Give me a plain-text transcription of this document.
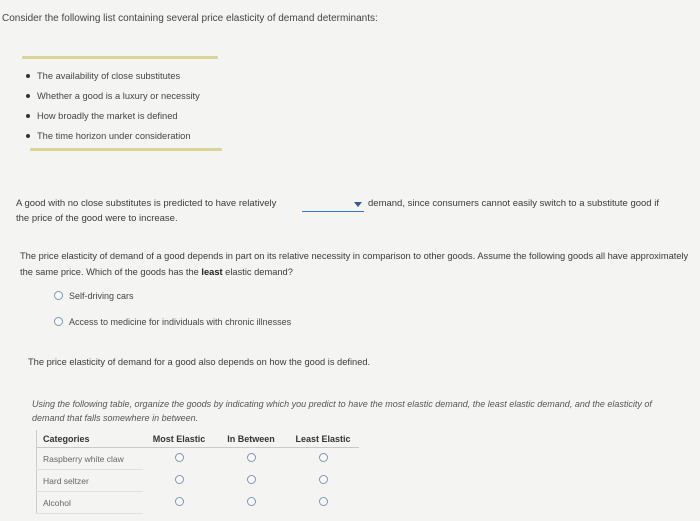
Consider the following list containing several price elasticity of demand determinants:
The availability of close substitutes
Whether a good is a luxury or necessity
How broadly the market is defined
The time horizon under consideration
A good with no close substitutes is predicted to have relatively	demand, since consumers cannot easily switch to a substitute good if
the price of the good were to increase.
The price elasticity of demand of a good depends in part on its relative necessity in comparison to other goods. Assume the following goods all have approximately the same price. Which of the goods has the least elastic demand?
Self-driving cars
Access to medicine for individuals with chronic illnesses
The price elasticity of demand for a good also depends on how the good is defined.
Using the following table, organize the goods by indicating which you predict to have the most elastic demand, the least elastic demand, and the elasticity of demand that falls somewhere in between.
Categories	Most Elastic	In Between	Least Elastic
Raspberry white claw			
Hard seltzer			
Alcohol			
